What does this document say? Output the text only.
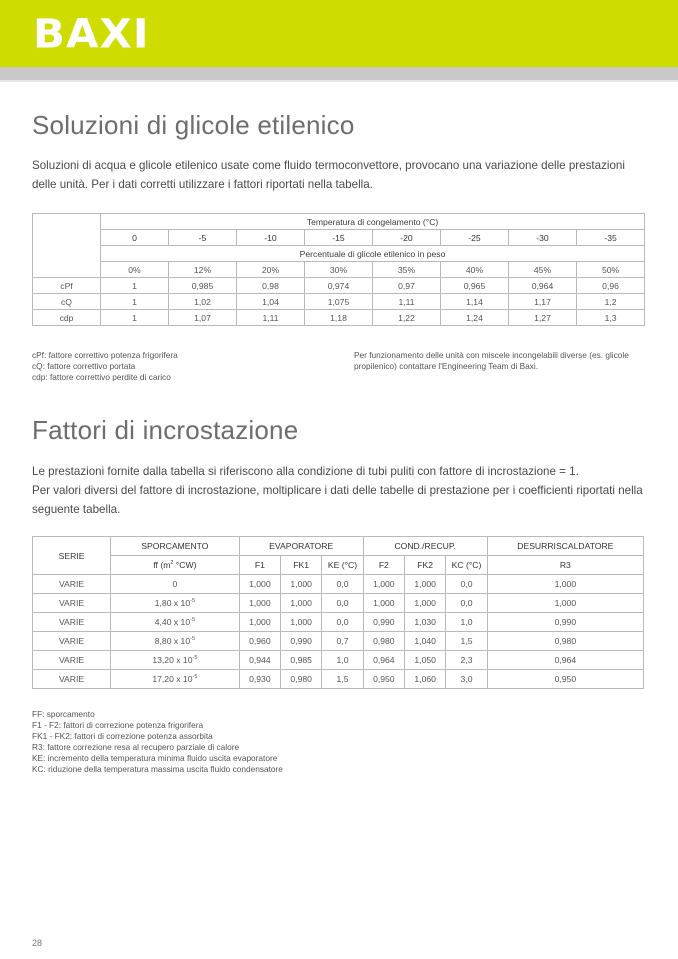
BAXI
Soluzioni di glicole etilenico

Soluzioni di acqua e glicole etilenico usate come fluido termoconvettore, provocano una variazione delle prestazioni delle unità. Per i dati corretti utilizzare i fattori riportati nella tabella.

	Temperatura di congelamento (°C)							
	0	-5	-10	-15	-20	-25	-30	-35
	Percentuale di glicole etilenico in peso							
	0%	12%	20%	30%	35%	40%	45%	50%
cPf	1	0,985	0,98	0,974	0,97	0,965	0,964	0,96
cQ	1	1,02	1,04	1,075	1,11	1,14	1,17	1,2
cdp	1	1,07	1,11	1,18	1,22	1,24	1,27	1,3
cPf: fattore correttivo potenza frigorifera
cQ: fattore correttivo portata
cdp: fattore correttivo perdite di carico
Per funzionamento delle unità con miscele incongelabili diverse (es. glicole propilenico) contattare l'Engineering Team di Baxi.
Fattori di incrostazione
Le prestazioni fornite dalla tabella si riferiscono alla condizione di tubi puliti con fattore di incrostazione = 1.
Per valori diversi del fattore di incrostazione, moltiplicare i dati delle tabelle di prestazione per i coefficienti riportati nella seguente tabella.
SERIE	SPORCAMENTO	EVAPORATORE			COND./RECUP.			DESURRISCALDATORE
	ff ($m^2$ °CW)	F1	FK1	KE (°C)	F2	FK2	KC (°C)	R3
VARIE	0	1,000	1,000	0,0	1,000	1,000	0,0	1,000
VARIE	1,80 x $10^{-5}$	1,000	1,000	0,0	1,000	1,000	0,0	1,000
VARIE	4,40 x $10^{-5}$	1,000	1,000	0,0	0,990	1,030	1,0	0,990
VARIE	8,80 x $10^{-5}$	0,960	0,990	0,7	0,980	1,040	1,5	0,980
VARIE	13,20 x $10^{-5}$	0,944	0,985	1,0	0,964	1,050	2,3	0,964
VARIE	17,20 x $10^{-5}$	0,930	0,980	1,5	0,950	1,060	3,0	0,950
FF: sporcamento
F1 - F2: fattori di correzione potenza frigorifera
FK1 - FK2: fattori di correzione potenza assorbita
R3: fattore correzione resa al recupero parziale di calore
KE: incremento della temperatura minima fluido uscita evaporatore
KC: riduzione della temperatura massima uscita fluido condensatore
28
